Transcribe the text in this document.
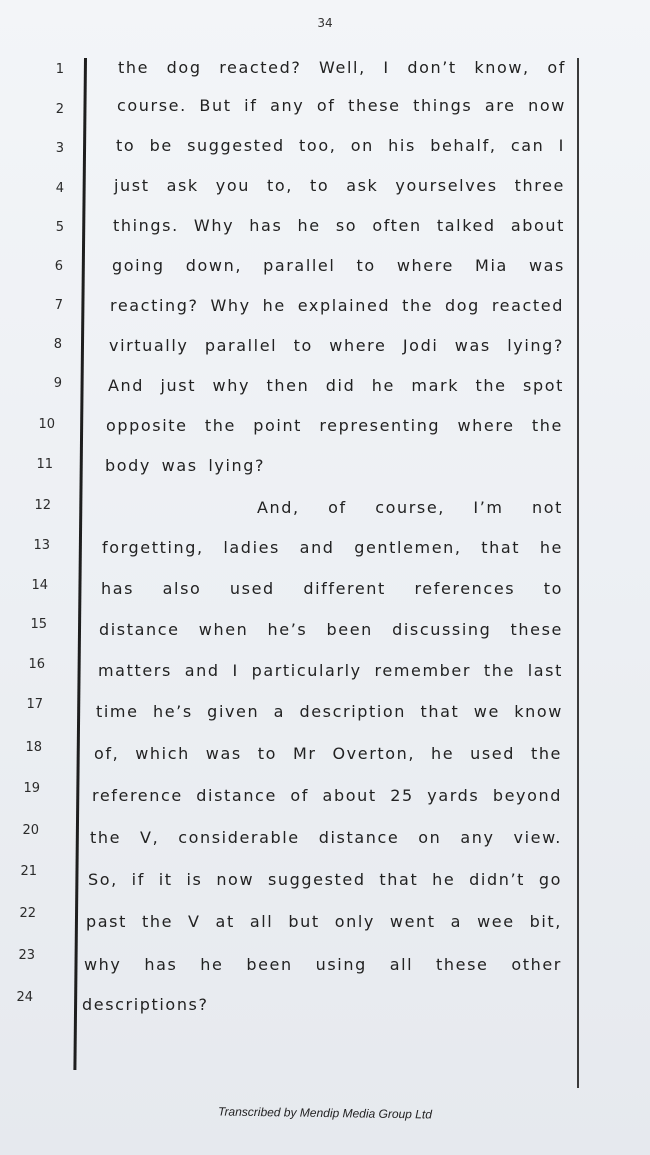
34
1
2
3
4
5
6
7
8
9
10
11
12
13
14
15
16
17
18
19
20
21
22
23
24
the dog reacted? Well, I don’t know, of
course. But if any of these things are now
to be suggested too, on his behalf, can I
just ask you to, to ask yourselves three
things. Why has he so often talked about
going down, parallel to where Mia was
reacting? Why he explained the dog reacted
virtually parallel to where Jodi was lying?
And just why then did he mark the spot
opposite the point representing where the
body was lying?
And, of course, I’m not
forgetting, ladies and gentlemen, that he
has also used different references to
distance when he’s been discussing these
matters and I particularly remember the last
time he’s given a description that we know
of, which was to Mr Overton, he used the
reference distance of about 25 yards beyond
the V, considerable distance on any view.
So, if it is now suggested that he didn’t go
past the V at all but only went a wee bit,
why has he been using all these other
descriptions?
Transcribed by Mendip Media Group Ltd
